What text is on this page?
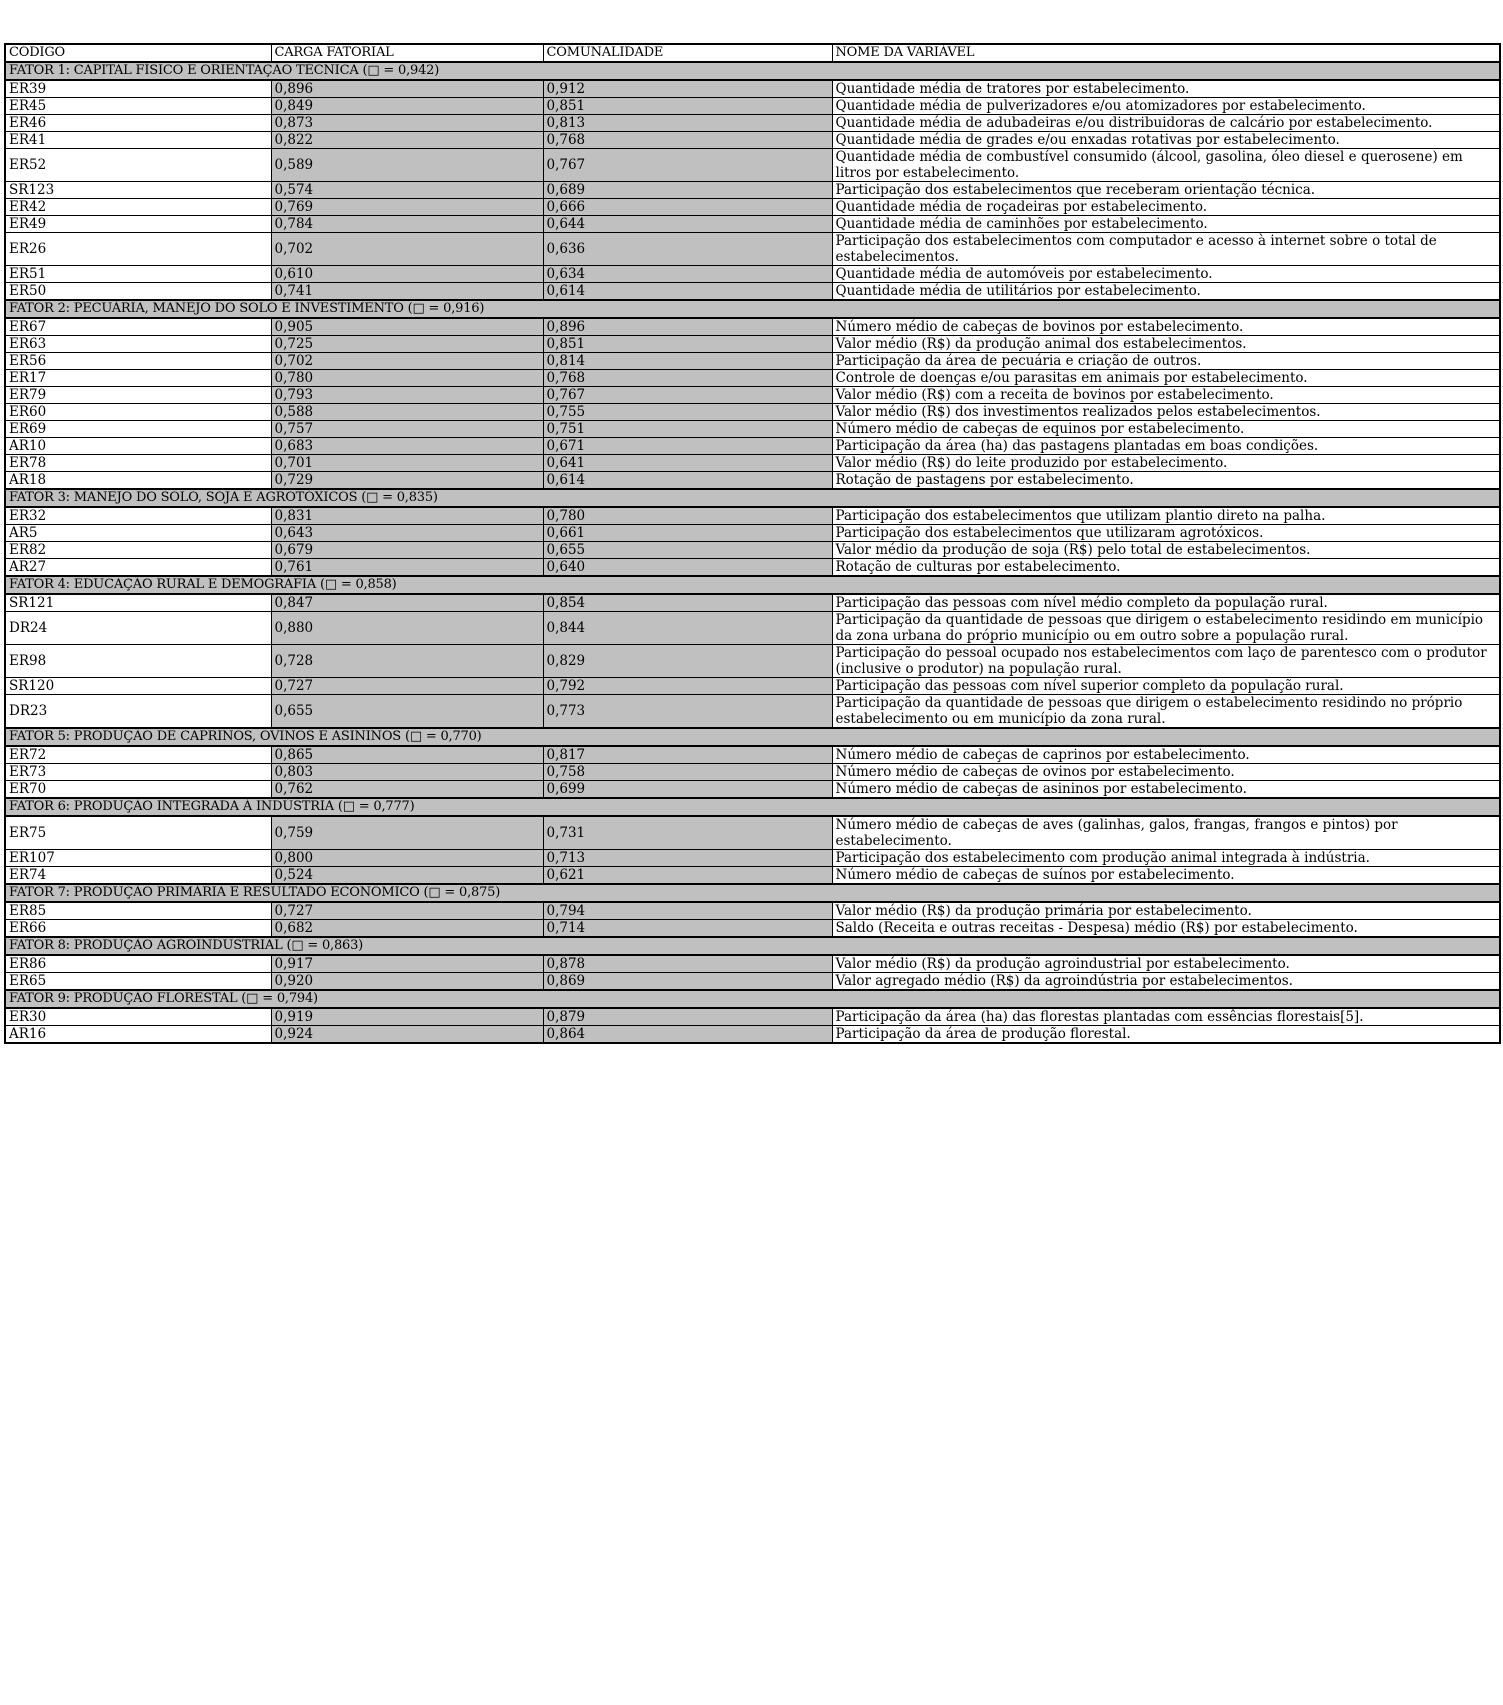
CÓDIGO	CARGA FATORIAL	COMUNALIDADE	NOME DA VARIÁVEL
FATOR 1: CAPITAL FÍSICO E ORIENTAÇÃO TÉCNICA (□ = 0,942)			
ER39	0,896	0,912	Quantidade média de tratores por estabelecimento.
ER45	0,849	0,851	Quantidade média de pulverizadores e/ou atomizadores por estabelecimento.
ER46	0,873	0,813	Quantidade média de adubadeiras e/ou distribuidoras de calcário por estabelecimento.
ER41	0,822	0,768	Quantidade média de grades e/ou enxadas rotativas por estabelecimento.
ER52	0,589	0,767	Quantidade média de combustível consumido (álcool, gasolina, óleo diesel e querosene) em litros por estabelecimento.
SR123	0,574	0,689	Participação dos estabelecimentos que receberam orientação técnica.
ER42	0,769	0,666	Quantidade média de roçadeiras por estabelecimento.
ER49	0,784	0,644	Quantidade média de caminhões por estabelecimento.
ER26	0,702	0,636	Participação dos estabelecimentos com computador e acesso à internet sobre o total de estabelecimentos.
ER51	0,610	0,634	Quantidade média de automóveis por estabelecimento.
ER50	0,741	0,614	Quantidade média de utilitários por estabelecimento.
FATOR 2: PECUÁRIA, MANEJO DO SOLO E INVESTIMENTO (□ = 0,916)			
ER67	0,905	0,896	Número médio de cabeças de bovinos por estabelecimento.
ER63	0,725	0,851	Valor médio (R$) da produção animal dos estabelecimentos.
ER56	0,702	0,814	Participação da área de pecuária e criação de outros.
ER17	0,780	0,768	Controle de doenças e/ou parasitas em animais por estabelecimento.
ER79	0,793	0,767	Valor médio (R$) com a receita de bovinos por estabelecimento.
ER60	0,588	0,755	Valor médio (R$) dos investimentos realizados pelos estabelecimentos.
ER69	0,757	0,751	Número médio de cabeças de equinos por estabelecimento.
AR10	0,683	0,671	Participação da área (ha) das pastagens plantadas em boas condições.
ER78	0,701	0,641	Valor médio (R$) do leite produzido por estabelecimento.
AR18	0,729	0,614	Rotação de pastagens por estabelecimento.
FATOR 3: MANEJO DO SOLO, SOJA E AGROTÓXICOS (□ = 0,835)			
ER32	0,831	0,780	Participação dos estabelecimentos que utilizam plantio direto na palha.
AR5	0,643	0,661	Participação dos estabelecimentos que utilizaram agrotóxicos.
ER82	0,679	0,655	Valor médio da produção de soja (R$) pelo total de estabelecimentos.
AR27	0,761	0,640	Rotação de culturas por estabelecimento.
FATOR 4: EDUCAÇÃO RURAL E DEMOGRAFIA (□ = 0,858)			
SR121	0,847	0,854	Participação das pessoas com nível médio completo da população rural.
DR24	0,880	0,844	Participação da quantidade de pessoas que dirigem o estabelecimento residindo em município da zona urbana do próprio município ou em outro sobre a população rural.
ER98	0,728	0,829	Participação do pessoal ocupado nos estabelecimentos com laço de parentesco com o produtor (inclusive o produtor) na população rural.
SR120	0,727	0,792	Participação das pessoas com nível superior completo da população rural.
DR23	0,655	0,773	Participação da quantidade de pessoas que dirigem o estabelecimento residindo no próprio estabelecimento ou em município da zona rural.
FATOR 5: PRODUÇÃO DE CAPRINOS, OVINOS E ASININOS (□ = 0,770)			
ER72	0,865	0,817	Número médio de cabeças de caprinos por estabelecimento.
ER73	0,803	0,758	Número médio de cabeças de ovinos por estabelecimento.
ER70	0,762	0,699	Número médio de cabeças de asininos por estabelecimento.
FATOR 6: PRODUÇÃO INTEGRADA À INDÚSTRIA (□ = 0,777)			
ER75	0,759	0,731	Número médio de cabeças de aves (galinhas, galos, frangas, frangos e pintos) por estabelecimento.
ER107	0,800	0,713	Participação dos estabelecimento com produção animal integrada à indústria.
ER74	0,524	0,621	Número médio de cabeças de suínos por estabelecimento.
FATOR 7: PRODUÇÃO PRIMÁRIA E RESULTADO ECONÔMICO (□ = 0,875)			
ER85	0,727	0,794	Valor médio (R$) da produção primária por estabelecimento.
ER66	0,682	0,714	Saldo (Receita e outras receitas - Despesa) médio (R$) por estabelecimento.
FATOR 8: PRODUÇÃO AGROINDUSTRIAL (□ = 0,863)			
ER86	0,917	0,878	Valor médio (R$) da produção agroindustrial por estabelecimento.
ER65	0,920	0,869	Valor agregado médio (R$) da agroindústria por estabelecimentos.
FATOR 9: PRODUÇÃO FLORESTAL (□ = 0,794)			
ER30	0,919	0,879	Participação da área (ha) das florestas plantadas com essências florestais[5].
AR16	0,924	0,864	Participação da área de produção florestal.
